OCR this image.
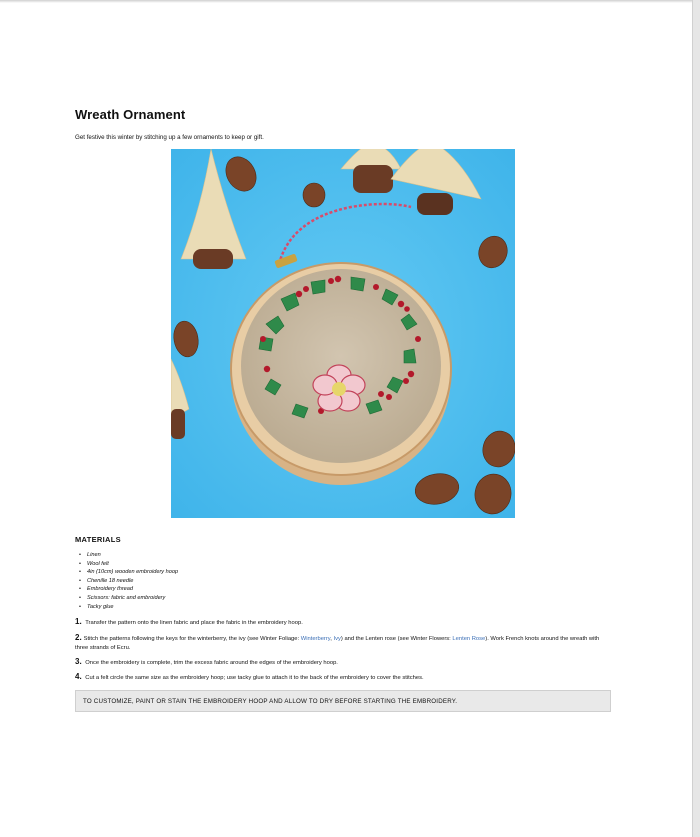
Wreath Ornament
Get festive this winter by stitching up a few ornaments to keep or gift.
MATERIALS
• Linen
• Wool felt
• 4in (10cm) wooden embroidery hoop
• Chenille 18 needle
• Embroidery thread
• Scissors: fabric and embroidery
• Tacky glue
1. Transfer the pattern onto the linen fabric and place the fabric in the embroidery hoop.
2. Stitch the patterns following the keys for the winterberry, the ivy (see Winter Foliage: Winterberry, Ivy) and the Lenten rose (see Winter Flowers: Lenten Rose). Work French knots around the wreath with three strands of Ecru.
3. Once the embroidery is complete, trim the excess fabric around the edges of the embroidery hoop.
4. Cut a felt circle the same size as the embroidery hoop; use tacky glue to attach it to the back of the embroidery to cover the stitches.
TO CUSTOMIZE, PAINT OR STAIN THE EMBROIDERY HOOP AND ALLOW TO DRY BEFORE STARTING THE EMBROIDERY.
